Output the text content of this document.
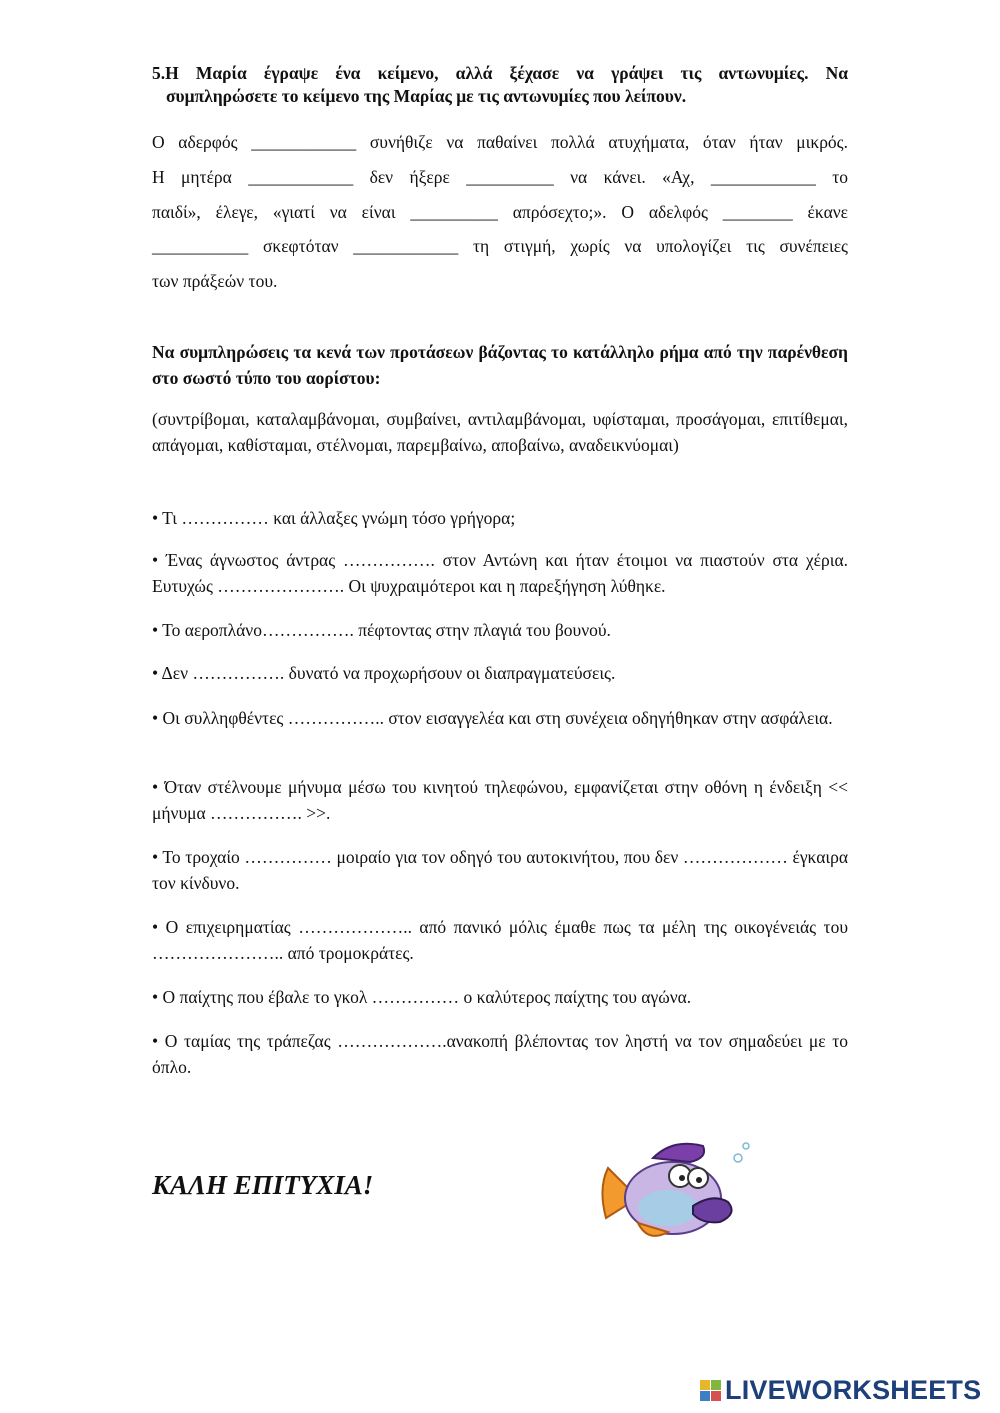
5.Η Μαρία έγραψε ένα κείμενο, αλλά ξέχασε να γράψει τις αντωνυμίες. Να
συμπληρώσετε το κείμενο της Μαρίας με τις αντωνυμίες που λείπουν.
Ο αδερφός ____________ συνήθιζε να παθαίνει πολλά ατυχήματα, όταν ήταν μικρός.
Η μητέρα ____________ δεν ήξερε __________ να κάνει. «Αχ, ____________ το
παιδί», έλεγε, «γιατί να είναι __________ απρόσεχτο;». Ο αδελφός ________ έκανε
___________ σκεφτόταν ____________ τη στιγμή, χωρίς να υπολογίζει τις συνέπειες
των πράξεών του.
Να συμπληρώσεις τα κενά των προτάσεων βάζοντας το κατάλληλο ρήμα από την παρένθεση στο σωστό τύπο του αορίστου:
(συντρίβομαι, καταλαμβάνομαι, συμβαίνει, αντιλαμβάνομαι, υφίσταμαι, προσάγομαι, επιτίθεμαι, απάγομαι, καθίσταμαι, στέλνομαι, παρεμβαίνω, αποβαίνω, αναδεικνύομαι)
• Τι …………… και άλλαξες γνώμη τόσο γρήγορα;
• Ένας άγνωστος άντρας ……………. στον Αντώνη και ήταν έτοιμοι να πιαστούν στα χέρια. Ευτυχώς …………………. Οι ψυχραιμότεροι και η παρεξήγηση λύθηκε.
• Το αεροπλάνο……………. πέφτοντας στην πλαγιά του βουνού.
• Δεν ……………. δυνατό να προχωρήσουν οι διαπραγματεύσεις.
• Οι συλληφθέντες …………….. στον εισαγγελέα και στη συνέχεια οδηγήθηκαν στην ασφάλεια.
• Όταν στέλνουμε μήνυμα μέσω του κινητού τηλεφώνου, εμφανίζεται στην οθόνη η ένδειξη << μήνυμα ……………. >>.
• Το τροχαίο …………… μοιραίο για τον οδηγό του αυτοκινήτου, που δεν ……………… έγκαιρα τον κίνδυνο.
• Ο επιχειρηματίας ……………….. από πανικό μόλις έμαθε πως τα μέλη της οικογένειάς του ………………….. από τρομοκράτες.
• Ο παίχτης που έβαλε το γκολ …………… ο καλύτερος παίχτης του αγώνα.
• Ο ταμίας της τράπεζας ……………….ανακοπή βλέποντας τον ληστή να τον σημαδεύει με το όπλο.
ΚΑΛΗ ΕΠΙΤΥΧΙΑ!
LIVEWORKSHEETS
